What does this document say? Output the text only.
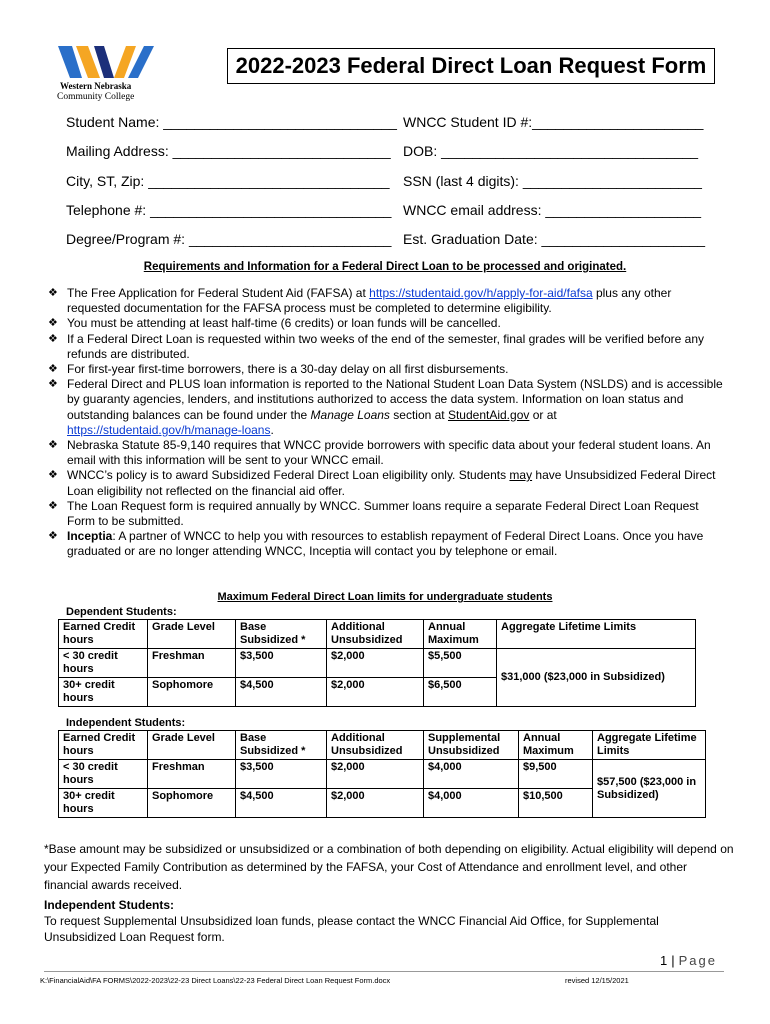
Western Nebraska
Community College
2022-2023 Federal Direct Loan Request Form
Student Name: ______________________________ WNCC Student ID #:______________________
Mailing Address: ____________________________ DOB: _________________________________
City, ST, Zip: _______________________________ SSN (last 4 digits): _______________________
Telephone #: _______________________________ WNCC email address: ____________________
Degree/Program #: __________________________ Est. Graduation Date: _____________________
Requirements and Information for a Federal Direct Loan to be processed and originated.
❖ The Free Application for Federal Student Aid (FAFSA) at https://studentaid.gov/h/apply-for-aid/fafsa plus any other requested documentation for the FAFSA process must be completed to determine eligibility.
❖ You must be attending at least half-time (6 credits) or loan funds will be cancelled.
❖ If a Federal Direct Loan is requested within two weeks of the end of the semester, final grades will be verified before any refunds are distributed.
❖ For first-year first-time borrowers, there is a 30-day delay on all first disbursements.
❖ Federal Direct and PLUS loan information is reported to the National Student Loan Data System (NSLDS) and is accessible by guaranty agencies, lenders, and institutions authorized to access the data system. Information on loan status and outstanding balances can be found under the Manage Loans section at StudentAid.gov or at https://studentaid.gov/h/manage-loans.
❖ Nebraska Statute 85-9,140 requires that WNCC provide borrowers with specific data about your federal student loans. An email with this information will be sent to your WNCC email.
❖ WNCC’s policy is to award Subsidized Federal Direct Loan eligibility only. Students may have Unsubsidized Federal Direct Loan eligibility not reflected on the financial aid offer.
❖ The Loan Request form is required annually by WNCC. Summer loans require a separate Federal Direct Loan Request Form to be submitted.
❖ Inceptia: A partner of WNCC to help you with resources to establish repayment of Federal Direct Loans. Once you have graduated or are no longer attending WNCC, Inceptia will contact you by telephone or email.
Maximum Federal Direct Loan limits for undergraduate students
Dependent Students:
Earned Credit hours	Grade Level	Base Subsidized *	Additional Unsubsidized	Annual Maximum	Aggregate Lifetime Limits
< 30 credit hours	Freshman	$3,500	$2,000	$5,500	$31,000 ($23,000 in Subsidized)
30+ credit hours	Sophomore	$4,500	$2,000	$6,500	
Independent Students:
Earned Credit hours	Grade Level	Base Subsidized *	Additional Unsubsidized	Supplemental Unsubsidized	Annual Maximum	Aggregate Lifetime Limits
< 30 credit hours	Freshman	$3,500	$2,000	$4,000	$9,500	$57,500 ($23,000 in Subsidized)
30+ credit hours	Sophomore	$4,500	$2,000	$4,000	$10,500	
*Base amount may be subsidized or unsubsidized or a combination of both depending on eligibility. Actual eligibility will depend on your Expected Family Contribution as determined by the FAFSA, your Cost of Attendance and enrollment level, and other financial awards received.
Independent Students:
To request Supplemental Unsubsidized loan funds, please contact the WNCC Financial Aid Office, for Supplemental Unsubsidized Loan Request form.
1 | Page
K:\FinancialAid\FA FORMS\2022-2023\22-23 Direct Loans\22-23 Federal Direct Loan Request Form.docx	revised 12/15/2021
